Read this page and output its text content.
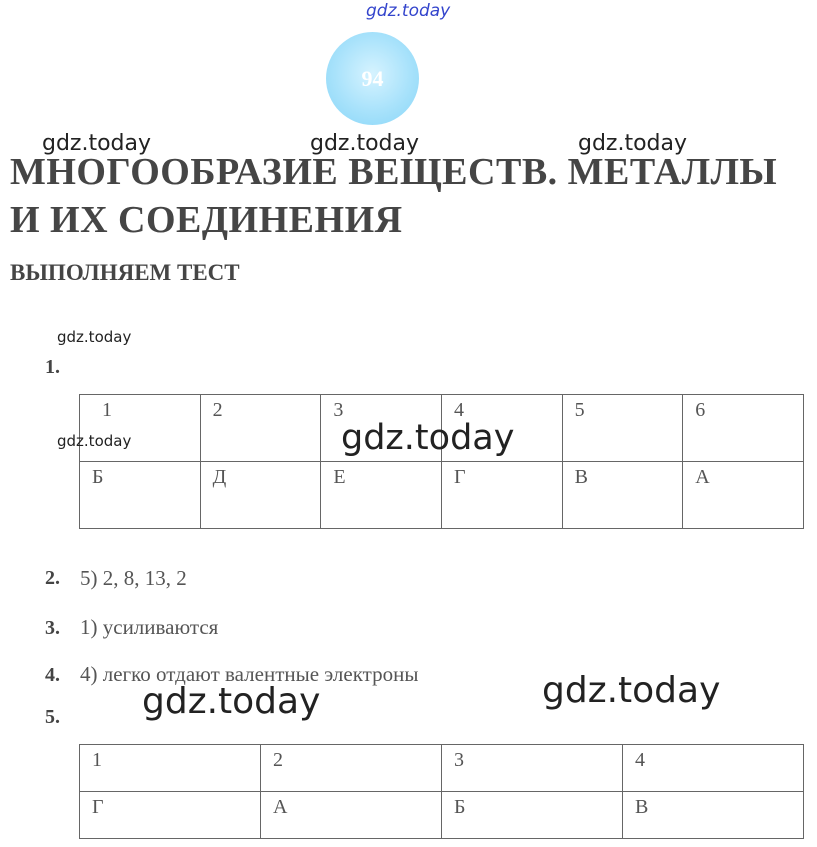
gdz.today
94
gdz.today	gdz.today	gdz.today
МНОГООБРАЗИЕ ВЕЩЕСТВ. МЕТАЛЛЫ
И ИХ СОЕДИНЕНИЯ
ВЫПОЛНЯЕМ ТЕСТ
gdz.today
1.
1	2	3	4	5	6
Б	Д	Е	Г	В	А
gdz.today	gdz.today
2. 5) 2, 8, 13, 2
3. 1) усиливаются
4. 4) легко отдают валентные электроны
gdz.today	gdz.today
5.
1	2	3	4
Г	А	Б	В
